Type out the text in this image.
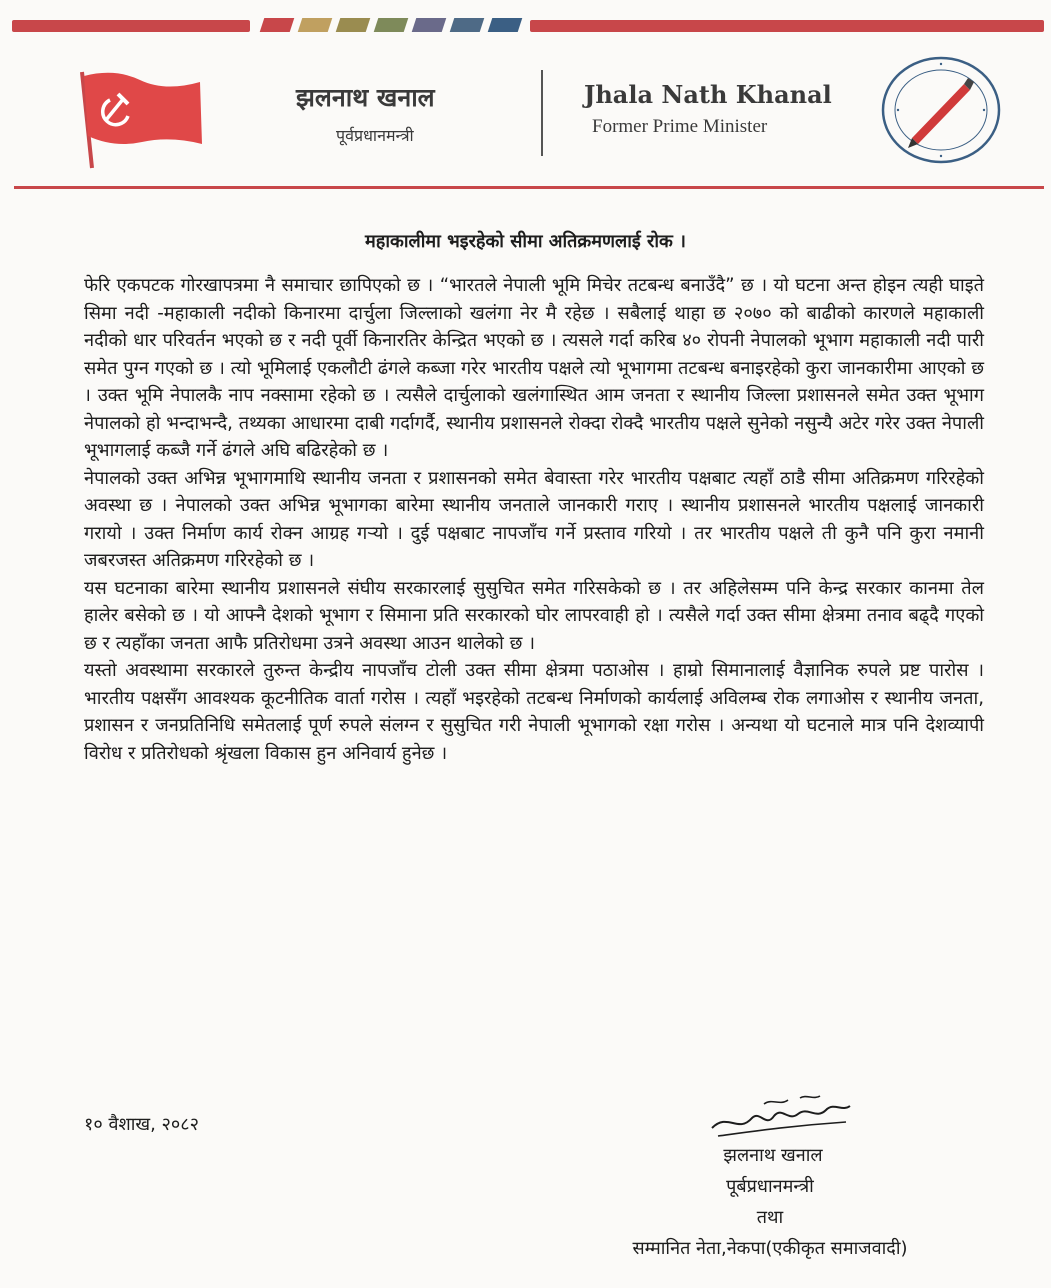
झलनाथ खनाल
पूर्वप्रधानमन्त्री
Jhala Nath Khanal
Former Prime Minister
महाकालीमा भइरहेको सीमा अतिक्रमणलाई रोक ।

फेरि एकपटक गोरखापत्रमा नै समाचार छापिएको छ । “भारतले नेपाली भूमि मिचेर तटबन्ध बनाउँदै” छ । यो घटना अन्त होइन त्यही घाइते सिमा नदी -महाकाली नदीको किनारमा दार्चुला जिल्लाको खलंगा नेर मै रहेछ । सबैलाई थाहा छ २०७० को बाढीको कारणले महाकाली नदीको धार परिवर्तन भएको छ र नदी पूर्वी किनारतिर केन्द्रित भएको छ । त्यसले गर्दा करिब ४० रोपनी नेपालको भूभाग महाकाली नदी पारी समेत पुग्न गएको छ । त्यो भूमिलाई एकलौटी ढंगले कब्जा गरेर भारतीय पक्षले त्यो भूभागमा तटबन्ध बनाइरहेको कुरा जानकारीमा आएको छ । उक्त भूमि नेपालकै नाप नक्सामा रहेको छ । त्यसैले दार्चुलाको खलंगास्थित आम जनता र स्थानीय जिल्ला प्रशासनले समेत उक्त भूभाग नेपालको हो भन्दाभन्दै, तथ्यका आधारमा दाबी गर्दागर्दै, स्थानीय प्रशासनले रोक्दा रोक्दै भारतीय पक्षले सुनेको नसुन्यै अटेर गरेर उक्त नेपाली भूभागलाई कब्जै गर्ने ढंगले अघि बढिरहेको छ ।

नेपालको उक्त अभिन्न भूभागमाथि स्थानीय जनता र प्रशासनको समेत बेवास्ता गरेर भारतीय पक्षबाट त्यहाँ ठाडै सीमा अतिक्रमण गरिरहेको अवस्था छ । नेपालको उक्त अभिन्न भूभागका बारेमा स्थानीय जनताले जानकारी गराए । स्थानीय प्रशासनले भारतीय पक्षलाई जानकारी गरायो । उक्त निर्माण कार्य रोक्न आग्रह गर्‍यो । दुई पक्षबाट नापजाँच गर्ने प्रस्ताव गरियो । तर भारतीय पक्षले ती कुनै पनि कुरा नमानी जबरजस्त अतिक्रमण गरिरहेको छ ।

यस घटनाका बारेमा स्थानीय प्रशासनले संघीय सरकारलाई सुसुचित समेत गरिसकेको छ । तर अहिलेसम्म पनि केन्द्र सरकार कानमा तेल हालेर बसेको छ । यो आफ्नै देशको भूभाग र सिमाना प्रति सरकारको घोर लापरवाही हो । त्यसैले गर्दा उक्त सीमा क्षेत्रमा तनाव बढ्दै गएको छ र त्यहाँका जनता आफै प्रतिरोधमा उत्रने अवस्था आउन थालेको छ ।

यस्तो अवस्थामा सरकारले तुरुन्त केन्द्रीय नापजाँच टोली उक्त सीमा क्षेत्रमा पठाओस । हाम्रो सिमानालाई वैज्ञानिक रुपले प्रष्ट पारोस । भारतीय पक्षसँग आवश्यक कूटनीतिक वार्ता गरोस । त्यहाँ भइरहेको तटबन्ध निर्माणको कार्यलाई अविलम्ब रोक लगाओस र स्थानीय जनता, प्रशासन र जनप्रतिनिधि समेतलाई पूर्ण रुपले संलग्न र सुसुचित गरी नेपाली भूभागको रक्षा गरोस । अन्यथा यो घटनाले मात्र पनि देशव्यापी विरोध र प्रतिरोधको श्रृंखला विकास हुन अनिवार्य हुनेछ ।

१० वैशाख, २०८२
झलनाथ खनाल
पूर्बप्रधानमन्त्री
तथा
सम्मानित नेता,नेकपा(एकीकृत समाजवादी)
